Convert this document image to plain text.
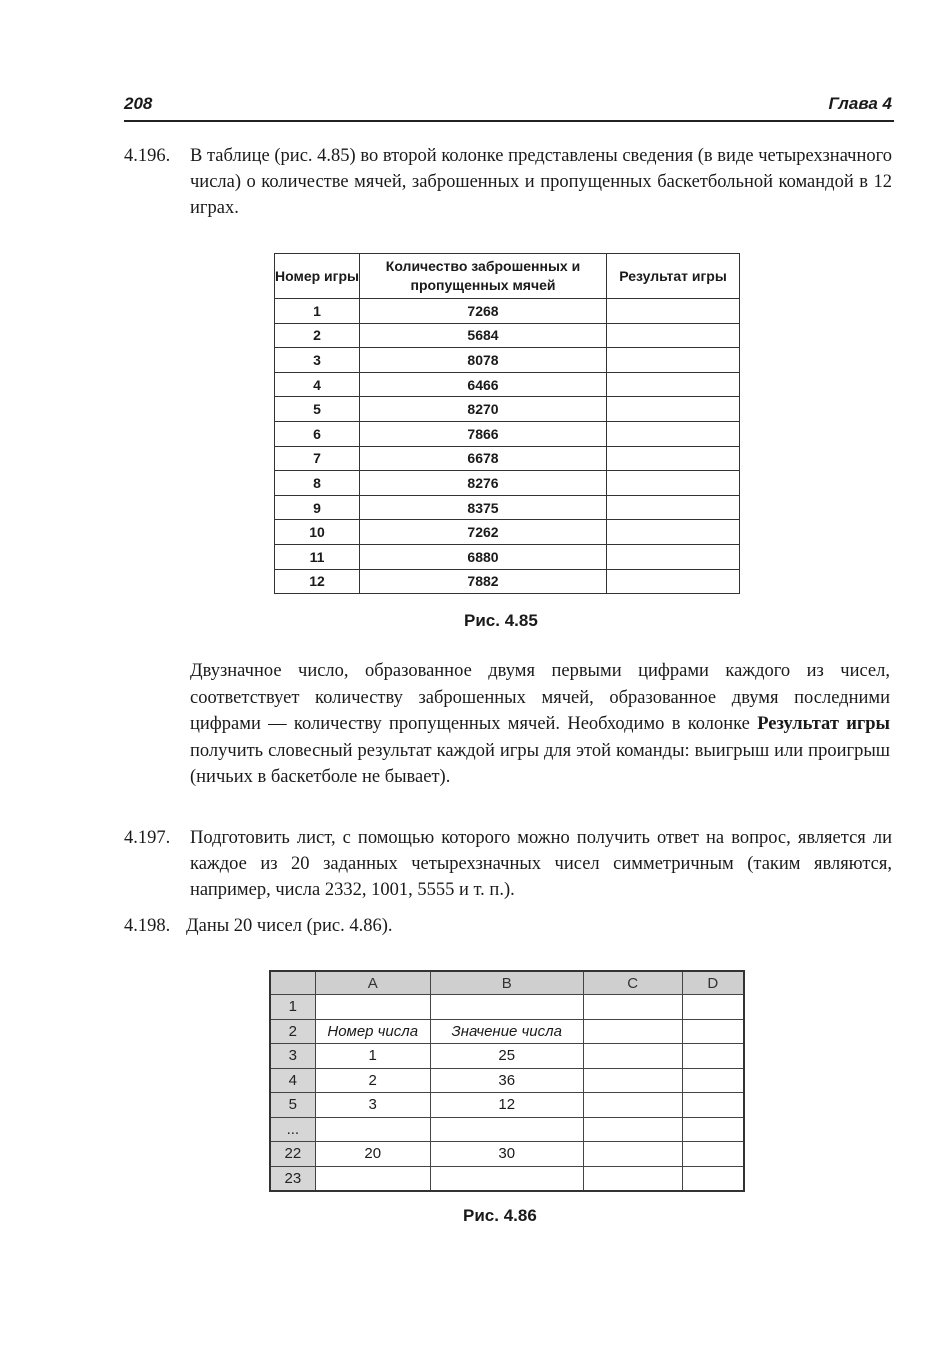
208	Глава 4
4.196. В таблице (рис. 4.85) во второй колонке представлены сведения (в виде четырехзначного числа) о количестве мячей, заброшенных и пропущенных баскетбольной командой в 12 играх.
Номер игры	Количество заброшенных и пропущенных мячей	Результат игры
1	7268	
2	5684	
3	8078	
4	6466	
5	8270	
6	7866	
7	6678	
8	8276	
9	8375	
10	7262	
11	6880	
12	7882	
Рис. 4.85
Двузначное число, образованное двумя первыми цифрами каждого из чисел, соответствует количеству заброшенных мячей, образованное двумя последними цифрами — количеству пропущенных мячей. Необходимо в колонке Результат игры получить словесный результат каждой игры для этой команды: выигрыш или проигрыш (ничьих в баскетболе не бывает).
4.197. Подготовить лист, с помощью которого можно получить ответ на вопрос, является ли каждое из 20 заданных четырехзначных чисел симметричным (таким являются, например, числа 2332, 1001, 5555 и т. п.).
4.198. Даны 20 чисел (рис. 4.86).
	A	B	C	D
1				
2	Номер числа	Значение числа		
3	1	25		
4	2	36		
5	3	12		
...				
22	20	30		
23				
Рис. 4.86
